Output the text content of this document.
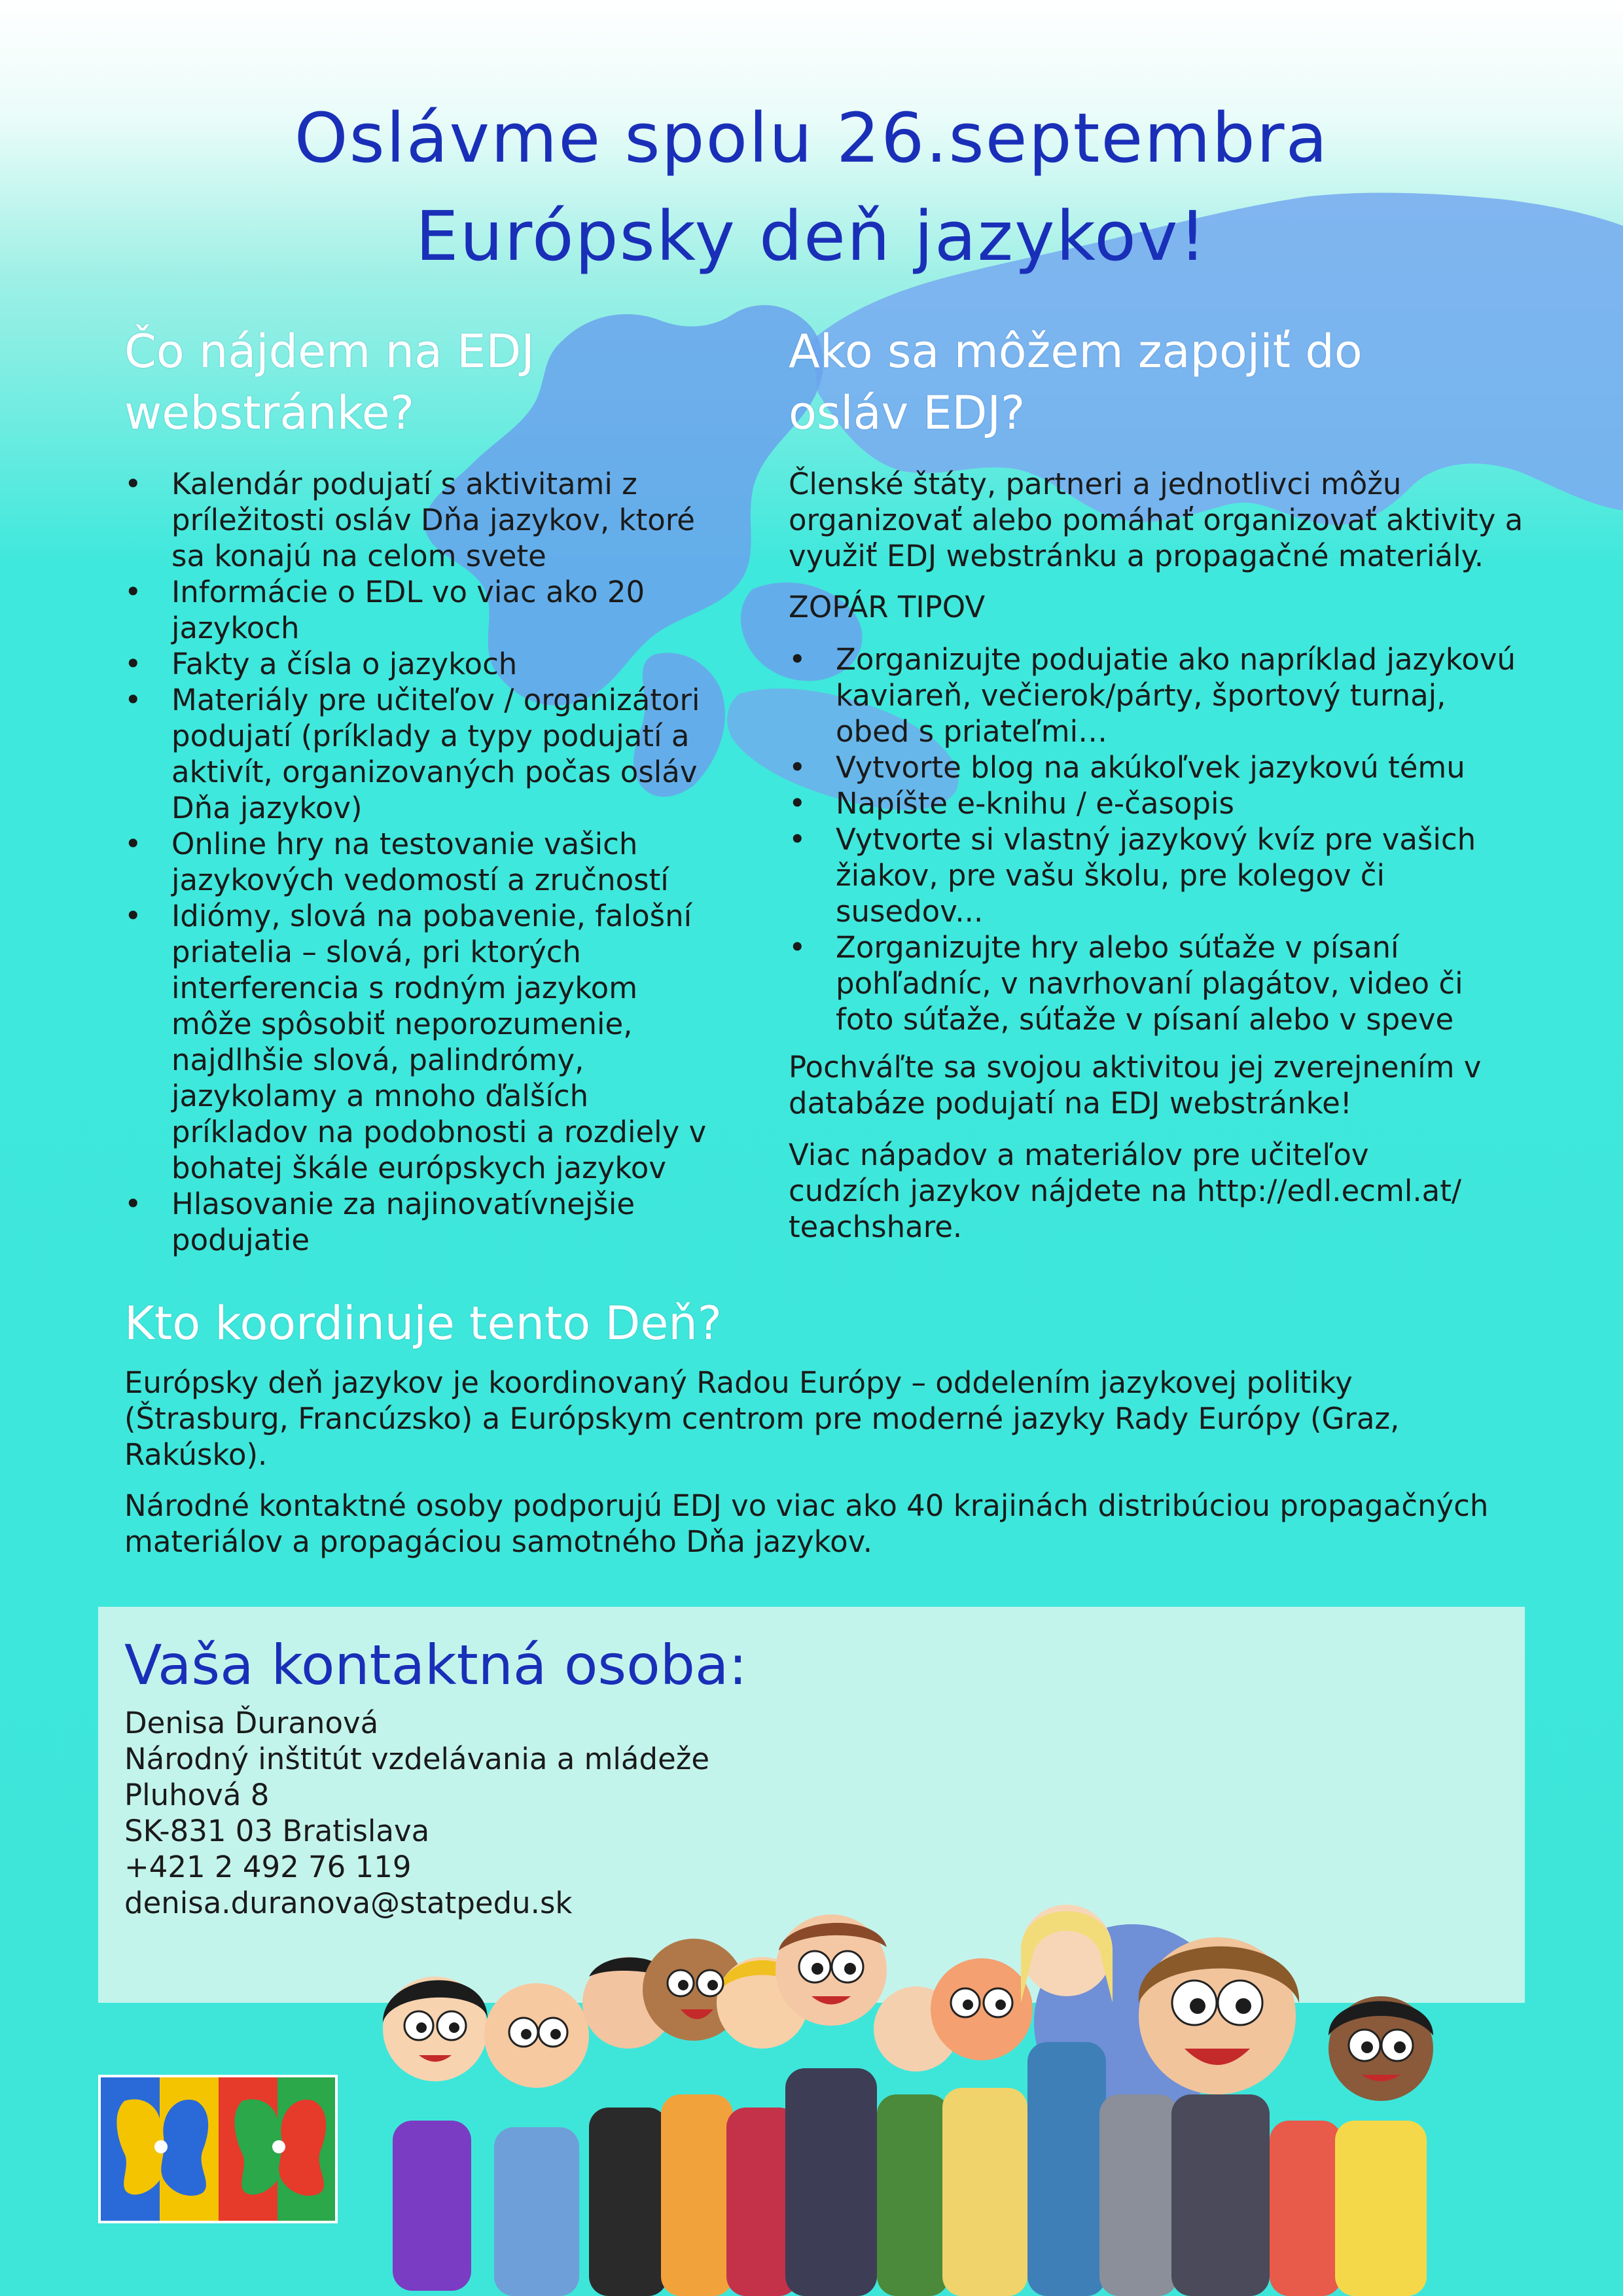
Oslávme spolu 26.septembra
Európsky deň jazykov!
Čo nájdem na EDJ
webstránke?
• Kalendár podujatí s aktivitami z
príležitosti osláv Dňa jazykov, ktoré
sa konajú na celom svete
• Informácie o EDL vo viac ako 20
jazykoch
• Fakty a čísla o jazykoch
• Materiály pre učiteľov / organizátori
podujatí (príklady a typy podujatí a
aktivít, organizovaných počas osláv
Dňa jazykov)
• Online hry na testovanie vašich
jazykových vedomostí a zručností
• Idiómy, slová na pobavenie, falošní
priatelia – slová, pri ktorých
interferencia s rodným jazykom
môže spôsobiť neporozumenie,
najdlhšie slová, palindrómy,
jazykolamy a mnoho ďalších
príkladov na podobnosti a rozdiely v
bohatej škále európskych jazykov
• Hlasovanie za najinovatívnejšie
podujatie
Ako sa môžem zapojiť do
osláv EDJ?

Členské štáty, partneri a jednotlivci môžu
organizovať alebo pomáhať organizovať aktivity a
využiť EDJ webstránku a propagačné materiály.

ZOPÁR TIPOV

• Zorganizujte podujatie ako napríklad jazykovú
kaviareň, večierok/párty, športový turnaj,
obed s priateľmi…
• Vytvorte blog na akúkoľvek jazykovú tému
• Napíšte e-knihu / e-časopis
• Vytvorte si vlastný jazykový kvíz pre vašich
žiakov, pre vašu školu, pre kolegov či
susedov...
• Zorganizujte hry alebo súťaže v písaní
pohľadníc, v navrhovaní plagátov, video či
foto súťaže, súťaže v písaní alebo v speve

Pochváľte sa svojou aktivitou jej zverejnením v
databáze podujatí na EDJ webstránke!

Viac nápadov a materiálov pre učiteľov
cudzích jazykov nájdete na http://edl.ecml.at/
teachshare.

Kto koordinuje tento Deň?

Európsky deň jazykov je koordinovaný Radou Európy – oddelením jazykovej politiky
(Štrasburg, Francúzsko) a Európskym centrom pre moderné jazyky Rady Európy (Graz,
Rakúsko).

Národné kontaktné osoby podporujú EDJ vo viac ako 40 krajinách distribúciou propagačných
materiálov a propagáciou samotného Dňa jazykov.

Vaša kontaktná osoba:
Denisa Ďuranová
Národný inštitút vzdelávania a mládeže
Pluhová 8
SK-831 03 Bratislava
+421 2 492 76 119
denisa.duranova@statpedu.sk
